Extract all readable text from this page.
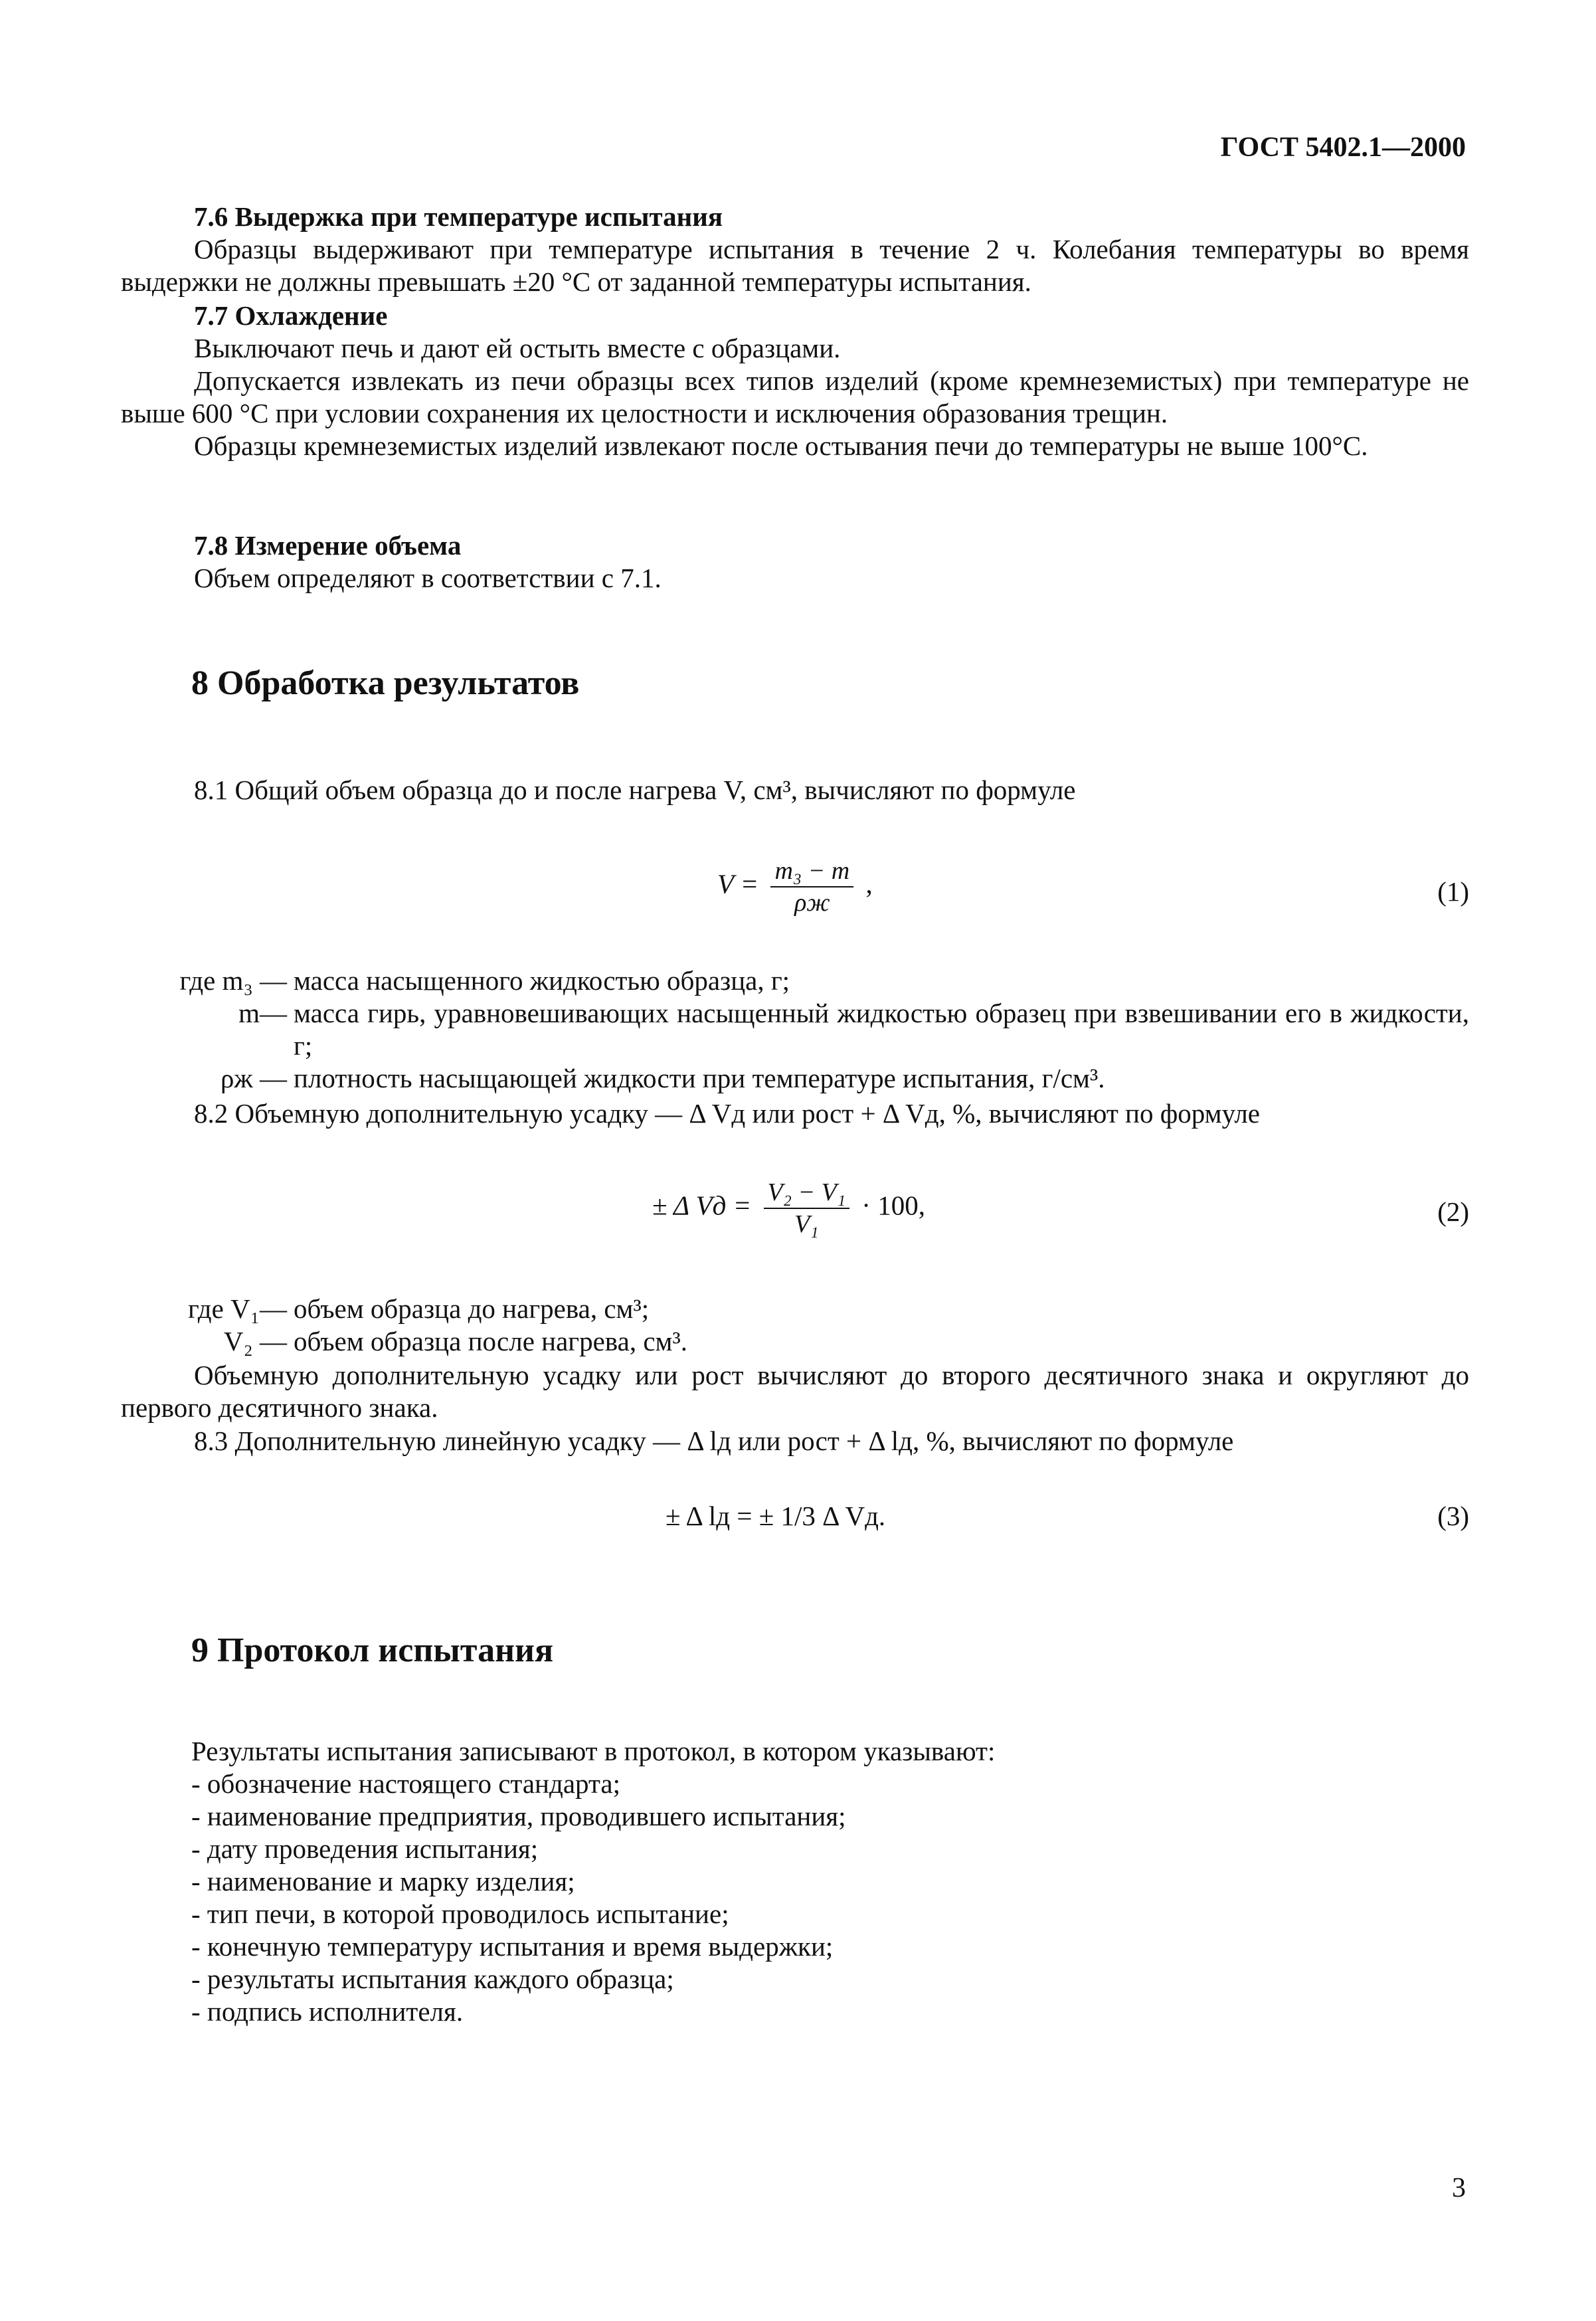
ГОСТ 5402.1—2000

7.6 Выдержка при температуре испытания

Образцы выдерживают при температуре испытания в течение 2 ч. Колебания температуры во время выдержки не должны превышать ±20 °С от заданной температуры испытания.

7.7 Охлаждение

Выключают печь и дают ей остыть вместе с образцами.

Допускается извлекать из печи образцы всех типов изделий (кроме кремнеземистых) при температуре не выше 600 °С при условии сохранения их целостности и исключения образования трещин.

Образцы кремнеземистых изделий извлекают после остывания печи до температуры не выше 100°С.

7.8 Измерение объема

Объем определяют в соответствии с 7.1.

8 Обработка результатов

8.1 Общий объем образца до и после нагрева V, см³, вычисляют по формуле

$V = \frac{\text{m₃ − m}}{\rho ж}$ ,	(1)
где m₃ — масса насыщенного жидкостью образца, г;
m— масса гирь, уравновешивающих насыщенный жидкостью образец при взвешивании его в жидкости, г;
ρж — плотность насыщающей жидкости при температуре испытания, г/см³.

8.2 Объемную дополнительную усадку — Δ Vд или рост + Δ Vд, %, вычисляют по формуле

± Δ Vд = $\frac{\text{V₂ − V₁}}{\text{V₁}} \cdot 100$,	(2)
где V₁— объем образца до нагрева, см³;
V₂ — объем образца после нагрева, см³.

Объемную дополнительную усадку или рост вычисляют до второго десятичного знака и округляют до первого десятичного знака.

8.3 Дополнительную линейную усадку — Δ lд или рост + Δ lд, %, вычисляют по формуле

± Δ lд = ± 1/3 Δ Vд.	(3)
9 Протокол испытания

Результаты испытания записывают в протокол, в котором указывают:

- обозначение настоящего стандарта;

- наименование предприятия, проводившего испытания;

- дату проведения испытания;

- наименование и марку изделия;

- тип печи, в которой проводилось испытание;

- конечную температуру испытания и время выдержки;

- результаты испытания каждого образца;

- подпись исполнителя.

3
